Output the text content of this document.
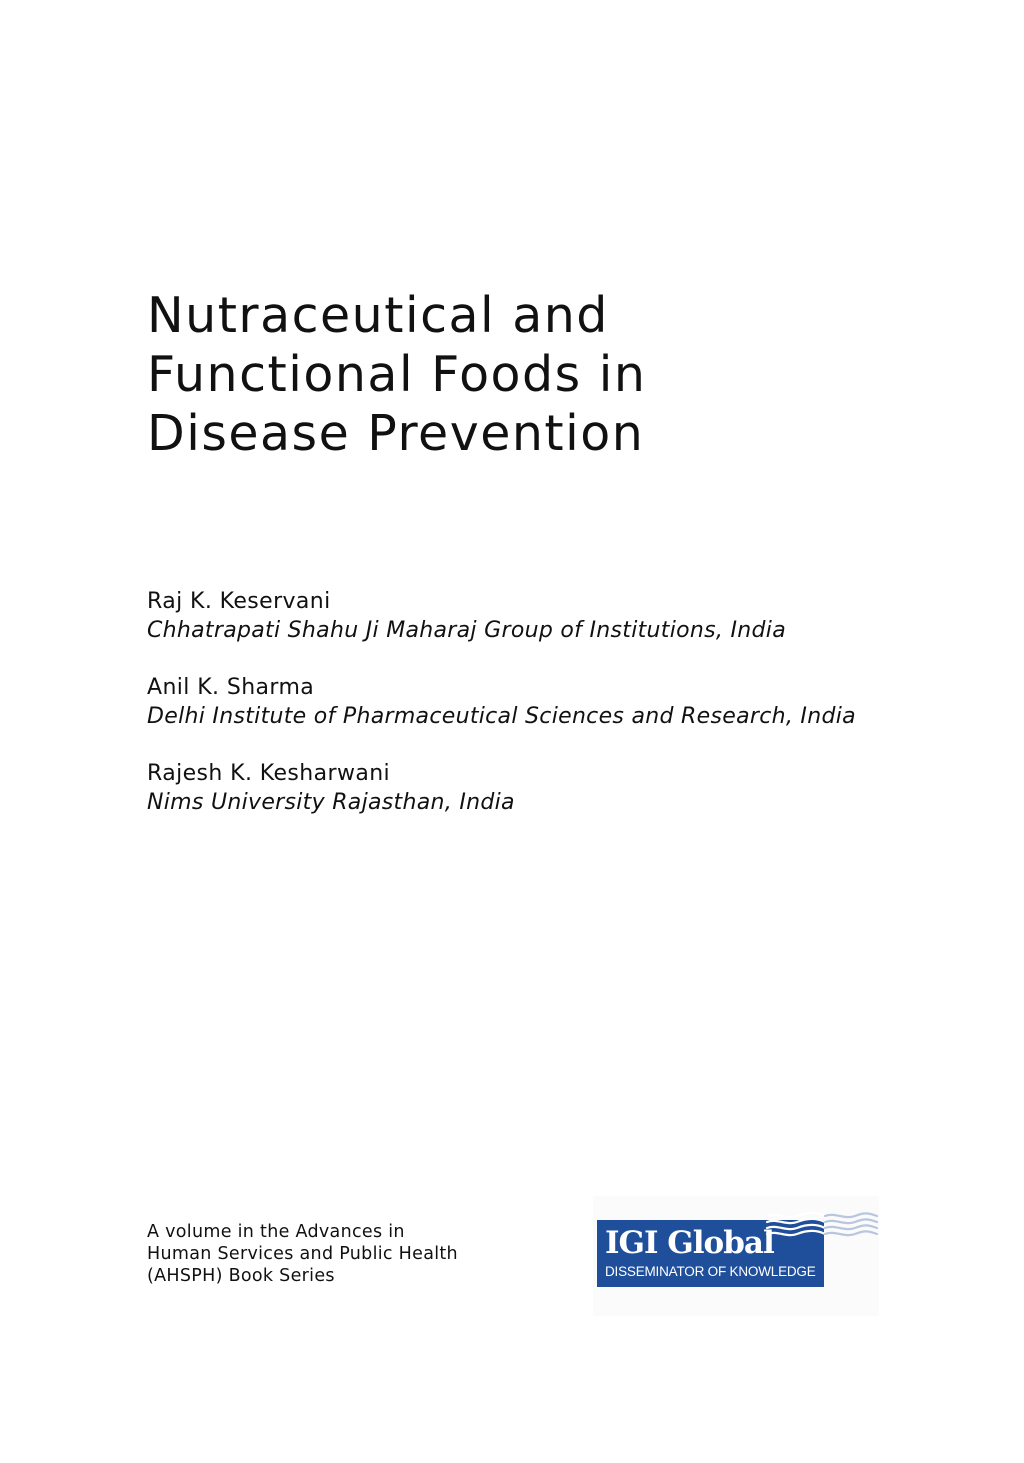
Nutraceutical and
Functional Foods in
Disease Prevention
Raj K. Keservani
Chhatrapati Shahu Ji Maharaj Group of Institutions, India
Anil K. Sharma
Delhi Institute of Pharmaceutical Sciences and Research, India
Rajesh K. Kesharwani
Nims University Rajasthan, India
A volume in the Advances in
Human Services and Public Health
(AHSPH) Book Series
IGI Global
DISSEMINATOR OF KNOWLEDGE
